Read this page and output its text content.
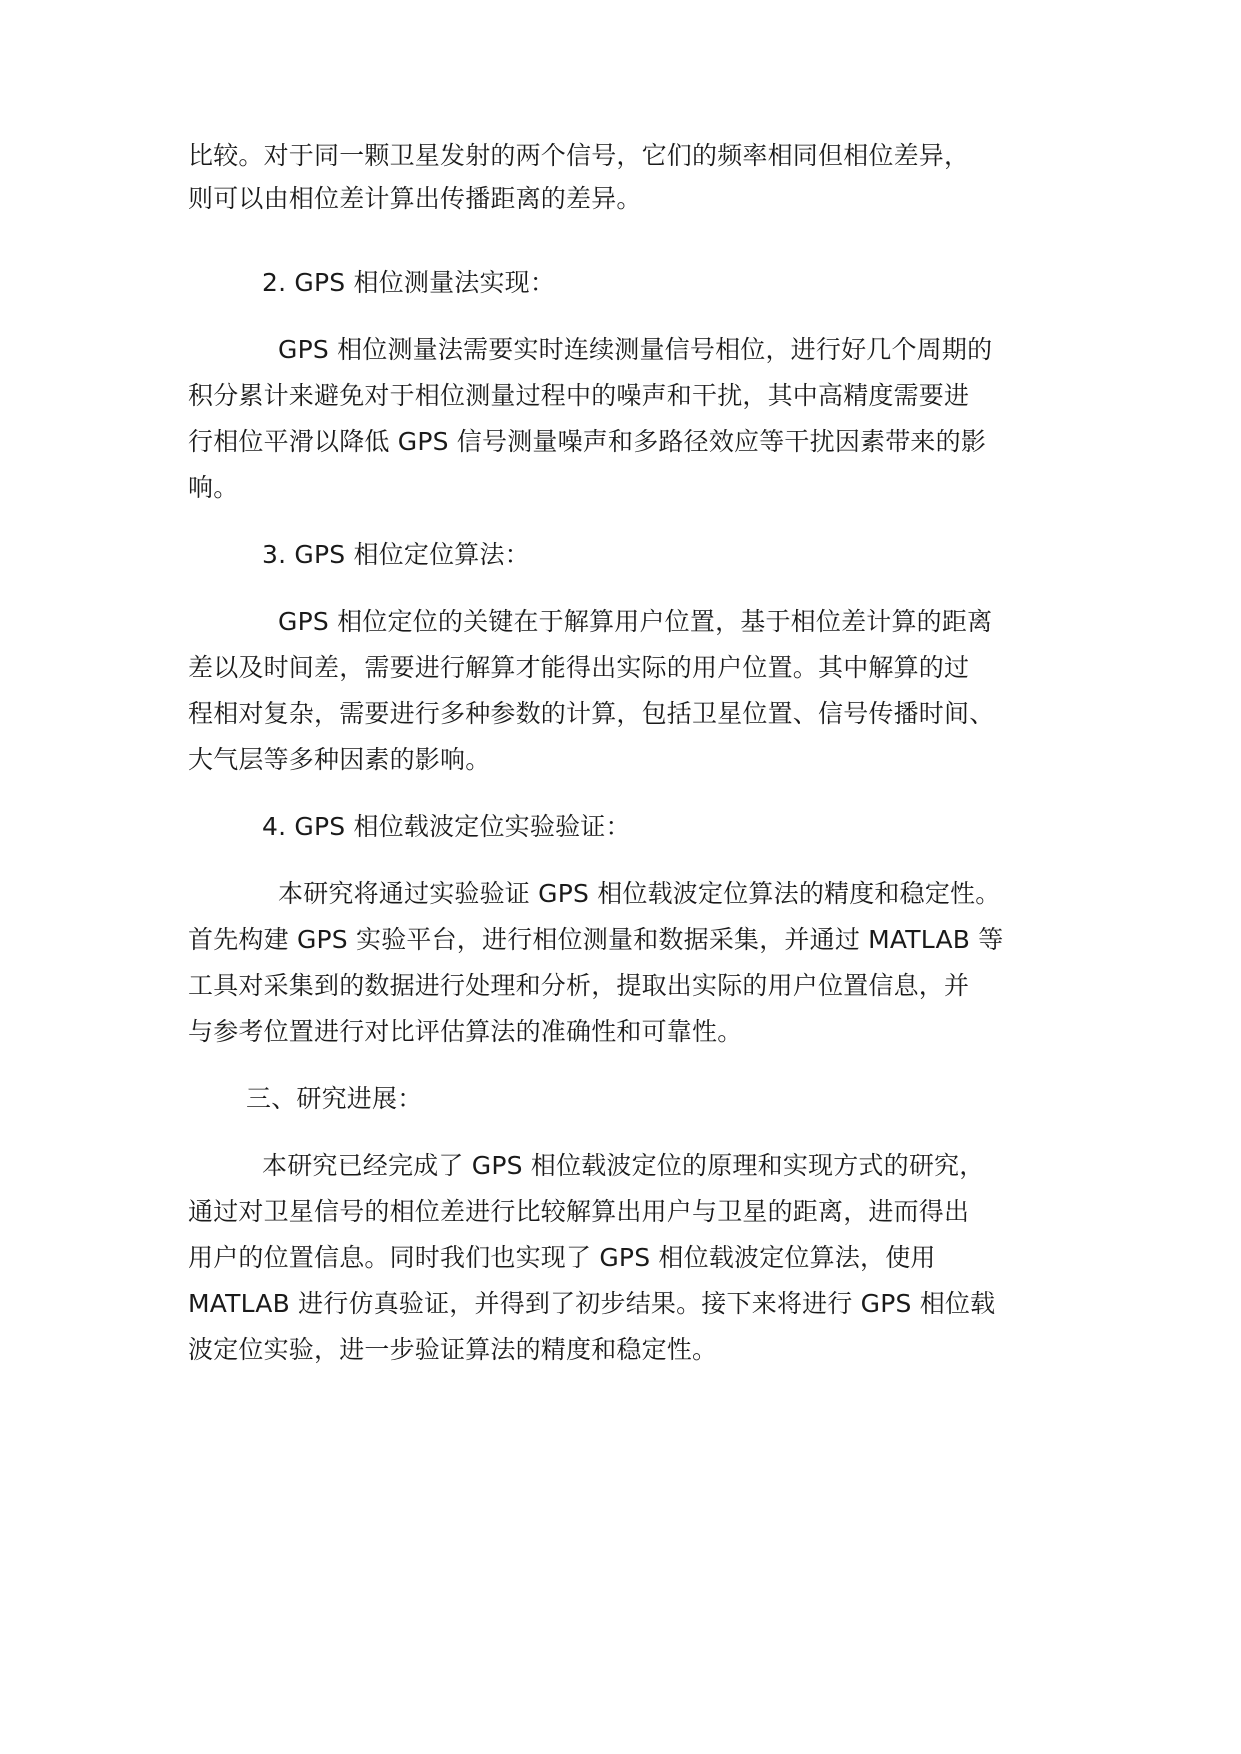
比较。对于同一颗卫星发射的两个信号，它们的频率相同但相位差异，
则可以由相位差计算出传播距离的差异。
2. GPS 相位测量法实现：
GPS 相位测量法需要实时连续测量信号相位，进行好几个周期的
积分累计来避免对于相位测量过程中的噪声和干扰，其中高精度需要进
行相位平滑以降低 GPS 信号测量噪声和多路径效应等干扰因素带来的影
响。
3. GPS 相位定位算法：
GPS 相位定位的关键在于解算用户位置，基于相位差计算的距离
差以及时间差，需要进行解算才能得出实际的用户位置。其中解算的过
程相对复杂，需要进行多种参数的计算，包括卫星位置、信号传播时间、
大气层等多种因素的影响。
4. GPS 相位载波定位实验验证：
本研究将通过实验验证 GPS 相位载波定位算法的精度和稳定性。
首先构建 GPS 实验平台，进行相位测量和数据采集，并通过 MATLAB 等
工具对采集到的数据进行处理和分析，提取出实际的用户位置信息，并
与参考位置进行对比评估算法的准确性和可靠性。
三、研究进展：
本研究已经完成了 GPS 相位载波定位的原理和实现方式的研究，
通过对卫星信号的相位差进行比较解算出用户与卫星的距离，进而得出
用户的位置信息。同时我们也实现了 GPS 相位载波定位算法，使用
MATLAB 进行仿真验证，并得到了初步结果。接下来将进行 GPS 相位载
波定位实验，进一步验证算法的精度和稳定性。
